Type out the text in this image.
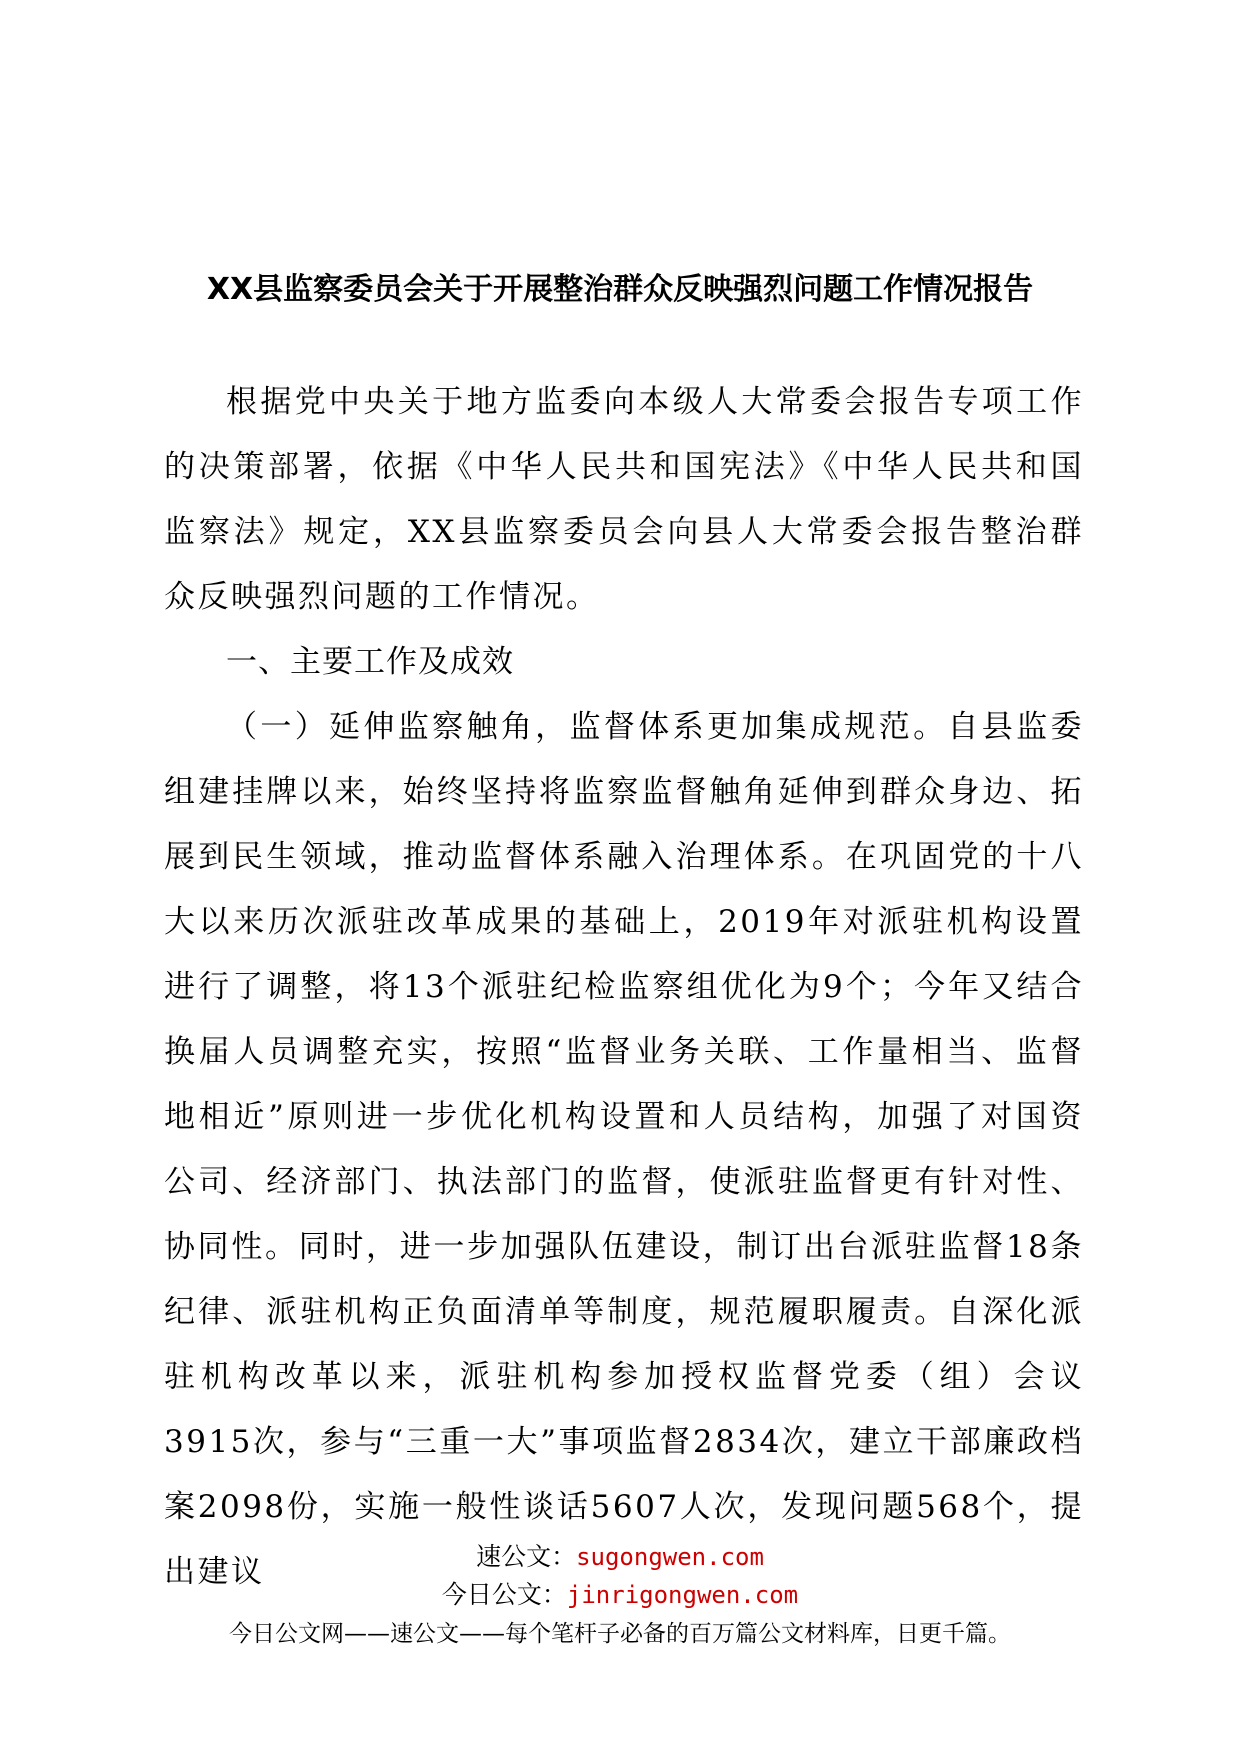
XX县监察委员会关于开展整治群众反映强烈问题工作情况报告

根据党中央关于地方监委向本级人大常委会报告专项工作的决策部署，依据《中华人民共和国宪法》《中华人民共和国监察法》规定，XX县监察委员会向县人大常委会报告整治群众反映强烈问题的工作情况。

一、主要工作及成效

（一）延伸监察触角，监督体系更加集成规范。自县监委组建挂牌以来，始终坚持将监察监督触角延伸到群众身边、拓展到民生领域，推动监督体系融入治理体系。在巩固党的十八大以来历次派驻改革成果的基础上，2019年对派驻机构设置进行了调整，将13个派驻纪检监察组优化为9个；今年又结合换届人员调整充实，按照“监督业务关联、工作量相当、监督地相近”原则进一步优化机构设置和人员结构，加强了对国资公司、经济部门、执法部门的监督，使派驻监督更有针对性、协同性。同时，进一步加强队伍建设，制订出台派驻监督18条纪律、派驻机构正负面清单等制度，规范履职履责。自深化派驻机构改革以来，派驻机构参加授权监督党委（组）会议3915次，参与“三重一大”事项监督2834次，建立干部廉政档案2098份，实施一般性谈话5607人次，发现问题568个，提出建议	速公文：sugongwen.com
今日公文：jinrigongwen.com
今日公文网——速公文——每个笔杆子必备的百万篇公文材料库，日更千篇。
